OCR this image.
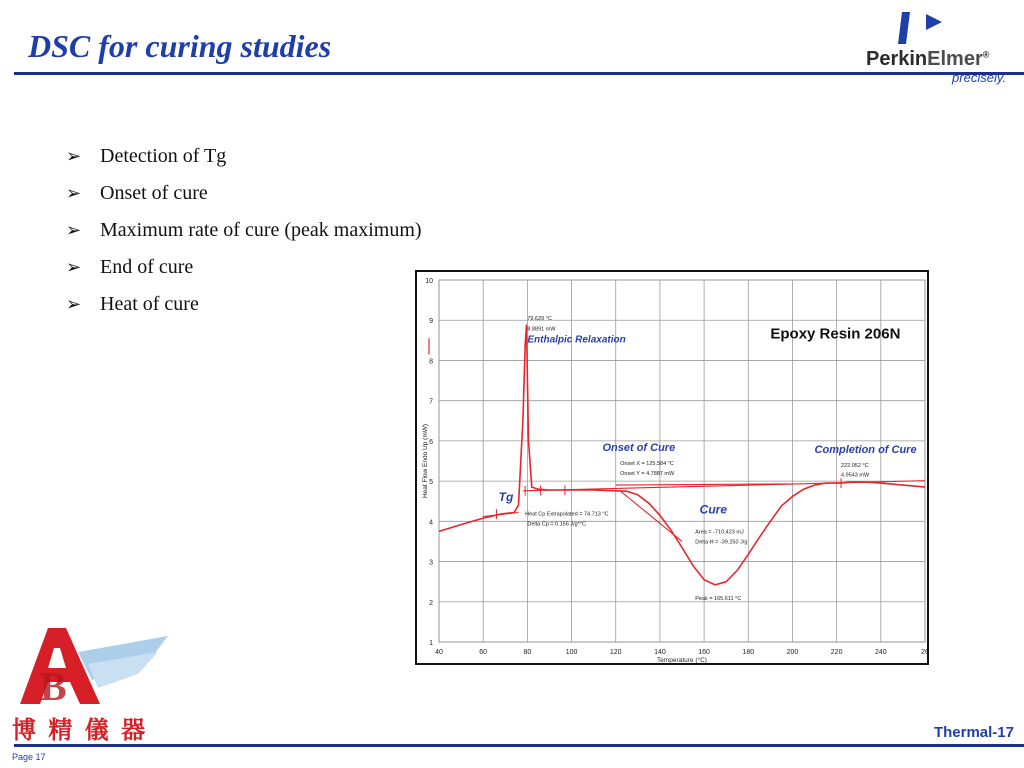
DSC for curing studies	PerkinElmer®
precisely.
➢ Detection of Tg
➢ Onset of cure
➢ Maximum rate of cure (peak maximum)
➢ End of cure
➢ Heat of cure
40	60	80	100	120	140	160	180	200	220	240	26
1
2
3
4
5
6
7
8
9
10
Temperature (°C)
Heat Flow Endo Up (mW)
79.629 °C
8.8891 mW
Enthalpic Relaxation
Onset of Cure
Onset X = 125.584 °C
Onset Y = 4.7887 mW
Completion of Cure
222.052 °C
4.9543 mW
Tg
Heat Cp Extrapolated = 74.713 °C
Delta Cp = 0.156 J/g*°C
Cure
Area = -710.423 mJ
Delta H = -39.250 J/g
Peak = 165.611 °C
Epoxy Resin 206N
B
博 精 儀 器
Page 17
Thermal-17
